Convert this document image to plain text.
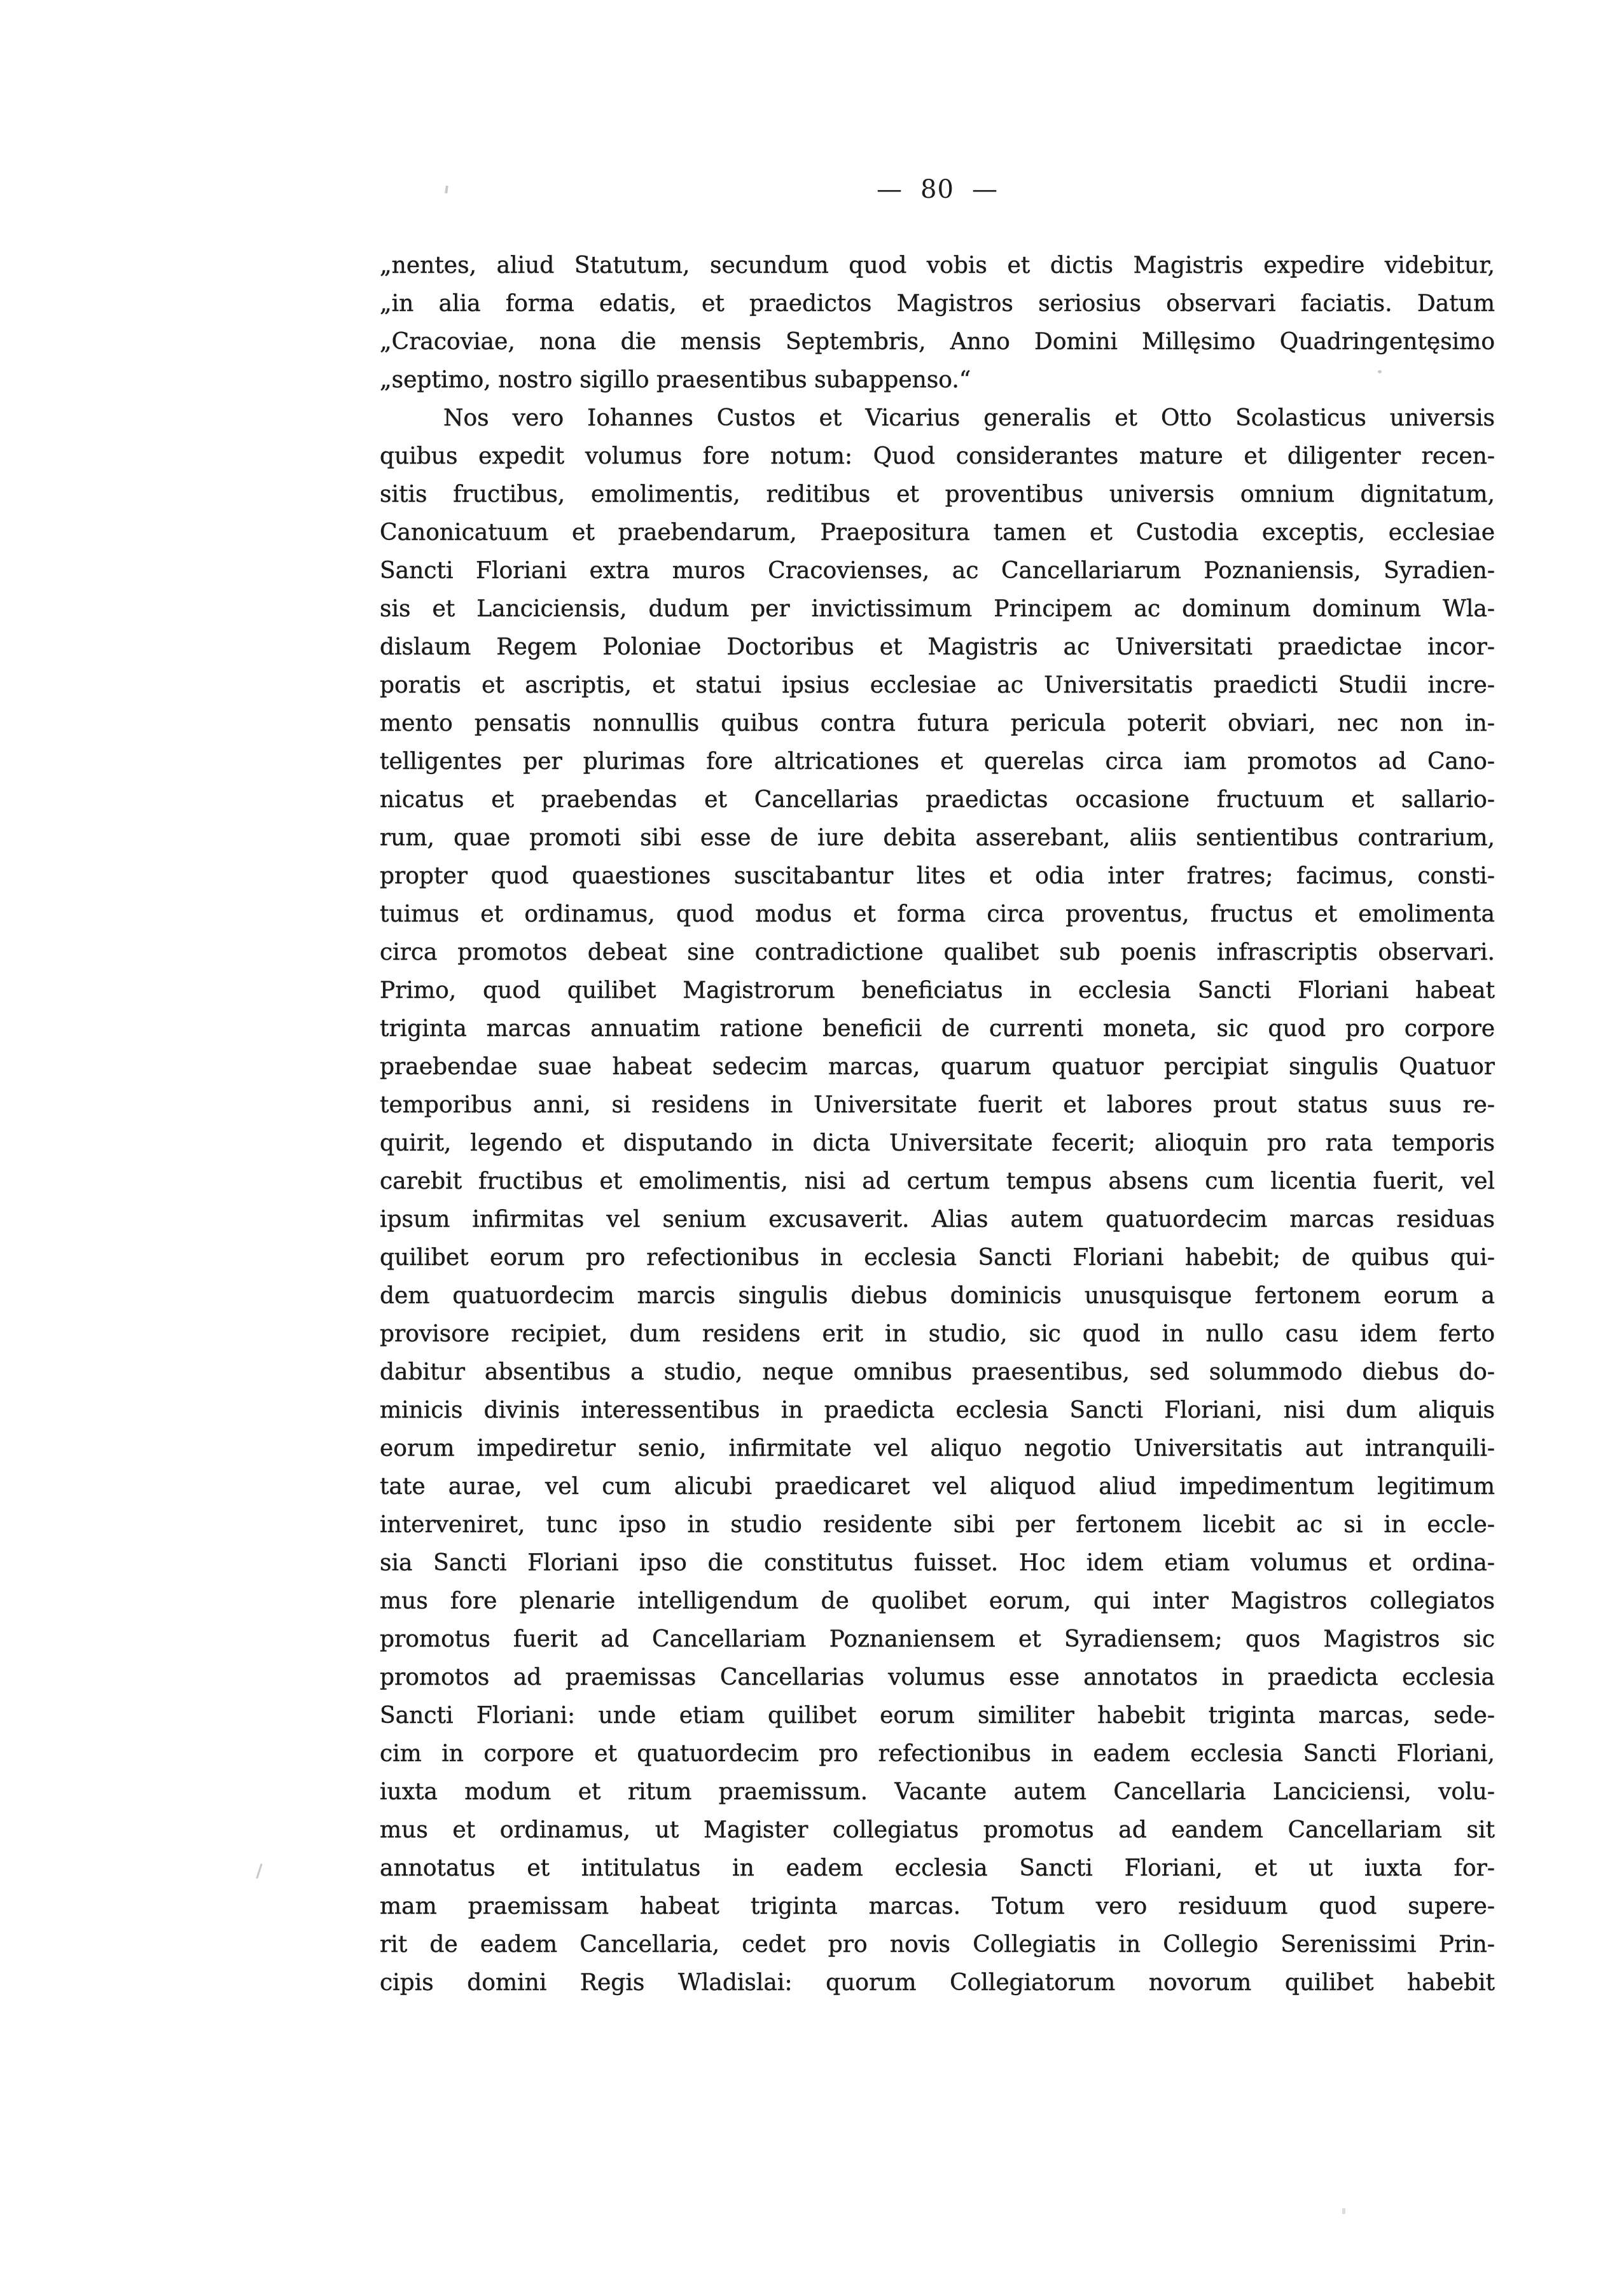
— 80 —
„nentes, aliud Statutum, secundum quod vobis et dictis Magistris expedire videbitur,
„in alia forma edatis, et praedictos Magistros seriosius observari faciatis. Datum
„Cracoviae, nona die mensis Septembris, Anno Domini Millęsimo Quadringentęsimo
„septimo, nostro sigillo praesentibus subappenso.“
Nos vero Iohannes Custos et Vicarius generalis et Otto Scolasticus universis
quibus expedit volumus fore notum: Quod considerantes mature et diligenter recen-
sitis fructibus, emolimentis, reditibus et proventibus universis omnium dignitatum,
Canonicatuum et praebendarum, Praepositura tamen et Custodia exceptis, ecclesiae
Sancti Floriani extra muros Cracovienses, ac Cancellariarum Poznaniensis, Syradien-
sis et Lanciciensis, dudum per invictissimum Principem ac dominum dominum Wla-
dislaum Regem Poloniae Doctoribus et Magistris ac Universitati praedictae incor-
poratis et ascriptis, et statui ipsius ecclesiae ac Universitatis praedicti Studii incre-
mento pensatis nonnullis quibus contra futura pericula poterit obviari, nec non in-
telligentes per plurimas fore altricationes et querelas circa iam promotos ad Cano-
nicatus et praebendas et Cancellarias praedictas occasione fructuum et sallario-
rum, quae promoti sibi esse de iure debita asserebant, aliis sentientibus contrarium,
propter quod quaestiones suscitabantur lites et odia inter fratres; facimus, consti-
tuimus et ordinamus, quod modus et forma circa proventus, fructus et emolimenta
circa promotos debeat sine contradictione qualibet sub poenis infrascriptis observari.
Primo, quod quilibet Magistrorum beneficiatus in ecclesia Sancti Floriani habeat
triginta marcas annuatim ratione beneficii de currenti moneta, sic quod pro corpore
praebendae suae habeat sedecim marcas, quarum quatuor percipiat singulis Quatuor
temporibus anni, si residens in Universitate fuerit et labores prout status suus re-
quirit, legendo et disputando in dicta Universitate fecerit; alioquin pro rata temporis
carebit fructibus et emolimentis, nisi ad certum tempus absens cum licentia fuerit, vel
ipsum infirmitas vel senium excusaverit. Alias autem quatuordecim marcas residuas
quilibet eorum pro refectionibus in ecclesia Sancti Floriani habebit; de quibus qui-
dem quatuordecim marcis singulis diebus dominicis unusquisque fertonem eorum a
provisore recipiet, dum residens erit in studio, sic quod in nullo casu idem ferto
dabitur absentibus a studio, neque omnibus praesentibus, sed solummodo diebus do-
minicis divinis interessentibus in praedicta ecclesia Sancti Floriani, nisi dum aliquis
eorum impediretur senio, infirmitate vel aliquo negotio Universitatis aut intranquili-
tate aurae, vel cum alicubi praedicaret vel aliquod aliud impedimentum legitimum
interveniret, tunc ipso in studio residente sibi per fertonem licebit ac si in eccle-
sia Sancti Floriani ipso die constitutus fuisset. Hoc idem etiam volumus et ordina-
mus fore plenarie intelligendum de quolibet eorum, qui inter Magistros collegiatos
promotus fuerit ad Cancellariam Poznaniensem et Syradiensem; quos Magistros sic
promotos ad praemissas Cancellarias volumus esse annotatos in praedicta ecclesia
Sancti Floriani: unde etiam quilibet eorum similiter habebit triginta marcas, sede-
cim in corpore et quatuordecim pro refectionibus in eadem ecclesia Sancti Floriani,
iuxta modum et ritum praemissum. Vacante autem Cancellaria Lanciciensi, volu-
mus et ordinamus, ut Magister collegiatus promotus ad eandem Cancellariam sit
annotatus et intitulatus in eadem ecclesia Sancti Floriani, et ut iuxta for-
mam praemissam habeat triginta marcas. Totum vero residuum quod supere-
rit de eadem Cancellaria, cedet pro novis Collegiatis in Collegio Serenissimi Prin-
cipis domini Regis Wladislai: quorum Collegiatorum novorum quilibet habebit
